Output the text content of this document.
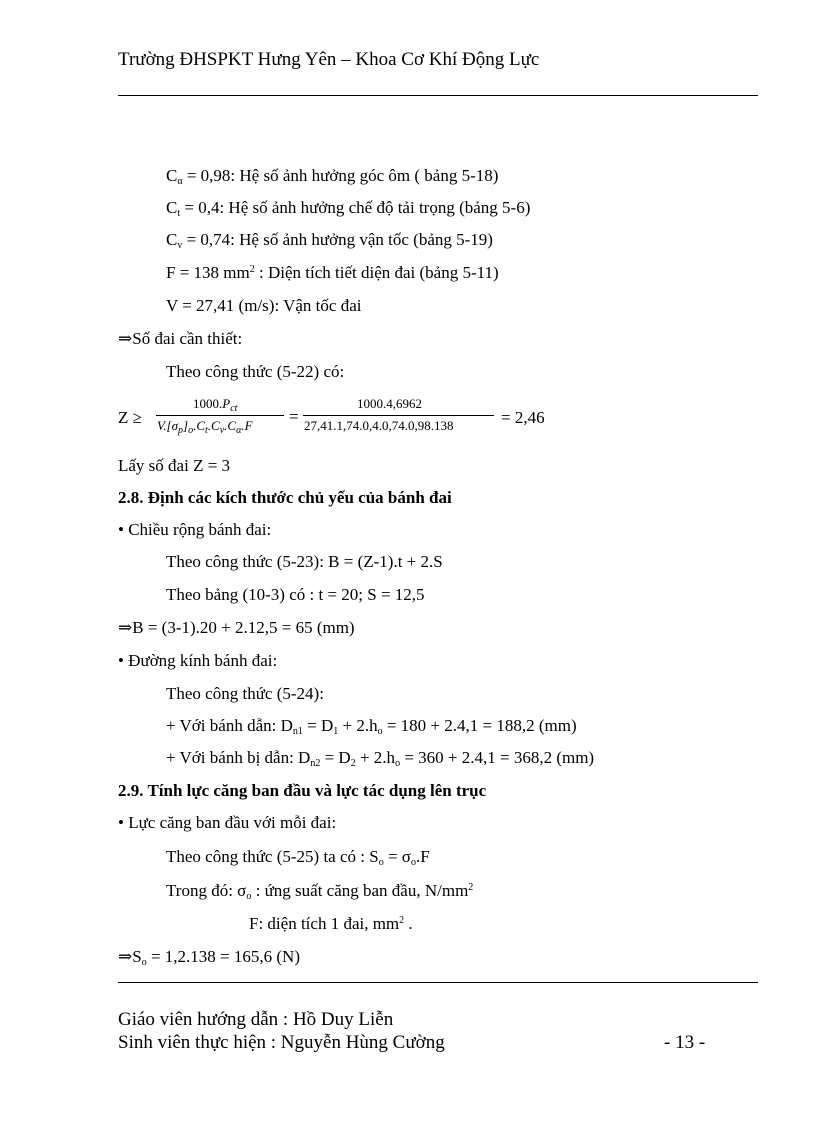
Trường ĐHSPKT Hưng Yên – Khoa Cơ Khí Động Lực
$C_\alpha = 0,98$: Hệ số ảnh hưởng góc ôm ( bảng 5-18)
$C_t = 0,4$: Hệ số ảnh hưởng chế độ tải trọng (bảng 5-6)
$C_v = 0,74$: Hệ số ảnh hưởng vận tốc (bảng 5-19)
F = 138 $mm^2$ : Diện tích tiết diện đai (bảng 5-11)
V = 27,41 (m/s): Vận tốc đai
⇒Số đai cần thiết:
Theo công thức (5-22) có:
Z ≥
$1000.P_{ct}$
$V.[\sigma_p]_o.C_t.C_v.C_\alpha.F$ =
1000.4,6962
27,41.1,74.0,4.0,74.0,98.138	= 2,46
Lấy số đai Z = 3
2.8. Định các kích thước chủ yếu của bánh đai
• Chiều rộng bánh đai:
Theo công thức (5-23): B = (Z-1).t + 2.S
Theo bảng (10-3) có : t = 20; S = 12,5
⇒B = (3-1).20 + 2.12,5 = 65 (mm)
• Đường kính bánh đai:
Theo công thức (5-24):
+ Với bánh dẫn: $D_{n1} = D_1 + 2.h_o = 180 + 2.4,1 = 188,2$ (mm)
+ Với bánh bị dẫn: $D_{n2} = D_2 + 2.h_o = 360 + 2.4,1 = 368,2$ (mm)
2.9. Tính lực căng ban đầu và lực tác dụng lên trục
• Lực căng ban đầu với mỗi đai:
Theo công thức (5-25) ta có : $S_o = \sigma_o.F$
Trong đó: $\sigma_o$ : ứng suất căng ban đầu, $N/mm^2$
F: diện tích 1 đai, $mm^2$ .
$\Rightarrow S_o = 1,2.138 = 165,6$ (N)
Giáo viên hướng dẫn : Hồ Duy Liễn
Sinh viên thực hiện : Nguyễn Hùng Cường	- 13 -
